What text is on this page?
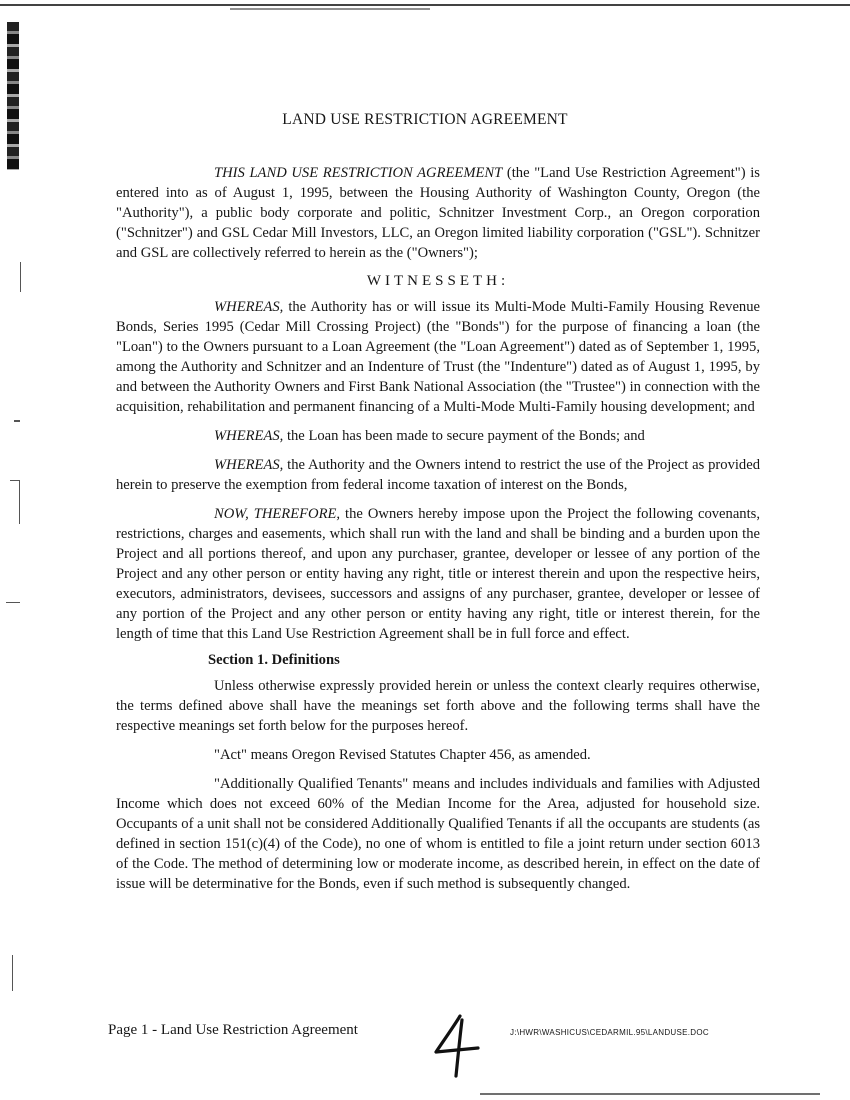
LAND USE RESTRICTION AGREEMENT

THIS LAND USE RESTRICTION AGREEMENT (the "Land Use Restriction Agreement") is entered into as of August 1, 1995, between the Housing Authority of Washington County, Oregon (the "Authority"), a public body corporate and politic, Schnitzer Investment Corp., an Oregon corporation ("Schnitzer") and GSL Cedar Mill Investors, LLC, an Oregon limited liability corporation ("GSL"). Schnitzer and GSL are collectively referred to herein as the ("Owners");

WITNESSETH:

WHEREAS, the Authority has or will issue its Multi-Mode Multi-Family Housing Revenue Bonds, Series 1995 (Cedar Mill Crossing Project) (the "Bonds") for the purpose of financing a loan (the "Loan") to the Owners pursuant to a Loan Agreement (the "Loan Agreement") dated as of September 1, 1995, among the Authority and Schnitzer and an Indenture of Trust (the "Indenture") dated as of August 1, 1995, by and between the Authority Owners and First Bank National Association (the "Trustee") in connection with the acquisition, rehabilitation and permanent financing of a Multi-Mode Multi-Family housing development; and

WHEREAS, the Loan has been made to secure payment of the Bonds; and

WHEREAS, the Authority and the Owners intend to restrict the use of the Project as provided herein to preserve the exemption from federal income taxation of interest on the Bonds,

NOW, THEREFORE, the Owners hereby impose upon the Project the following covenants, restrictions, charges and easements, which shall run with the land and shall be binding and a burden upon the Project and all portions thereof, and upon any purchaser, grantee, developer or lessee of any portion of the Project and any other person or entity having any right, title or interest therein and upon the respective heirs, executors, administrators, devisees, successors and assigns of any purchaser, grantee, developer or lessee of any portion of the Project and any other person or entity having any right, title or interest therein, for the length of time that this Land Use Restriction Agreement shall be in full force and effect.

Section 1. Definitions

Unless otherwise expressly provided herein or unless the context clearly requires otherwise, the terms defined above shall have the meanings set forth above and the following terms shall have the respective meanings set forth below for the purposes hereof.

"Act" means Oregon Revised Statutes Chapter 456, as amended.

"Additionally Qualified Tenants" means and includes individuals and families with Adjusted Income which does not exceed 60% of the Median Income for the Area, adjusted for household size. Occupants of a unit shall not be considered Additionally Qualified Tenants if all the occupants are students (as defined in section 151(c)(4) of the Code), no one of whom is entitled to file a joint return under section 6013 of the Code. The method of determining low or moderate income, as described herein, in effect on the date of issue will be determinative for the Bonds, even if such method is subsequently changed.

Page 1 - Land Use Restriction Agreement	J:\HWR\WASHICUS\CEDARMIL.95\LANDUSE.DOC
